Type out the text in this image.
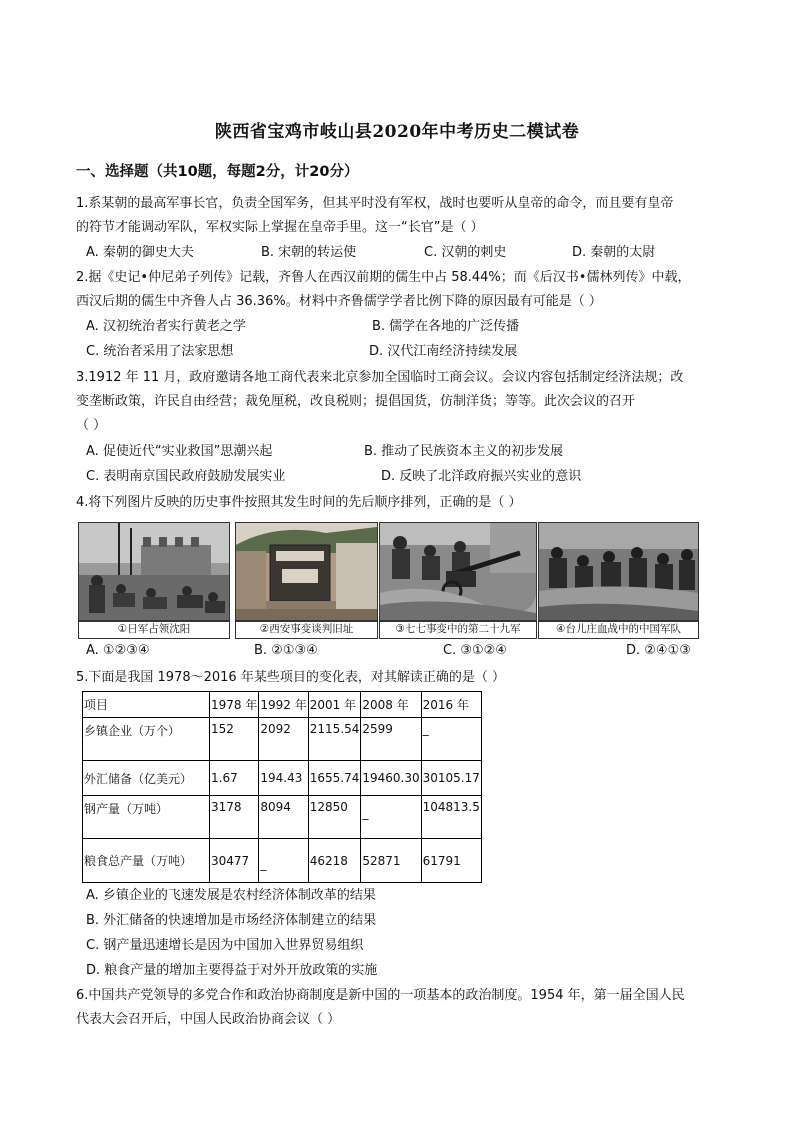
陕西省宝鸡市岐山县2020年中考历史二模试卷
一、选择题（共10题，每题2分，计20分）
1.系某朝的最高军事长官，负责全国军务，但其平时没有军权，战时也要听从皇帝的命令，而且要有皇帝
的符节才能调动军队，军权实际上掌握在皇帝手里。这一“长官”是（ ）
A. 秦朝的御史大夫	B. 宋朝的转运使	C. 汉朝的刺史	D. 秦朝的太尉
2.据《史记•仲尼弟子列传》记载，齐鲁人在西汉前期的儒生中占 58.44%；而《后汉书•儒林列传》中载，
西汉后期的儒生中齐鲁人占 36.36%。材料中齐鲁儒学学者比例下降的原因最有可能是（ ）
A. 汉初统治者实行黄老之学	B. 儒学在各地的广泛传播
C. 统治者采用了法家思想	D. 汉代江南经济持续发展
3.1912 年 11 月，政府邀请各地工商代表来北京参加全国临时工商会议。会议内容包括制定经济法规；改
变垄断政策，许民自由经营；裁免厘税，改良税则；提倡国货，仿制洋货；等等。此次会议的召开
（ ）
A. 促使近代“实业救国”思潮兴起	B. 推动了民族资本主义的初步发展
C. 表明南京国民政府鼓励发展实业	D. 反映了北洋政府振兴实业的意识
4.将下列图片反映的历史事件按照其发生时间的先后顺序排列，正确的是（ ）
①日军占领沈阳	②西安事变谈判旧址	③七七事变中的第二十九军	④台儿庄血战中的中国军队
A. ①②③④	B. ②①③④	C. ③①②④	D. ②④①③
5.下面是我国 1978～2016 年某些项目的变化表，对其解读正确的是（ ）
项目	1978 年	1992 年	2001 年	2008 年	2016 年
乡镇企业（万个）	152	2092	2115.54	2599	_
外汇储备（亿美元）	1.67	194.43	1655.74	19460.30	30105.17
钢产量（万吨）	3178	8094	12850	_	104813.5
粮食总产量（万吨）	30477	_	46218	52871	61791
A. 乡镇企业的飞速发展是农村经济体制改革的结果
B. 外汇储备的快速增加是市场经济体制建立的结果
C. 钢产量迅速增长是因为中国加入世界贸易组织
D. 粮食产量的增加主要得益于对外开放政策的实施
6.中国共产党领导的多党合作和政治协商制度是新中国的一项基本的政治制度。1954 年，第一届全国人民
代表大会召开后，中国人民政治协商会议（ ）
